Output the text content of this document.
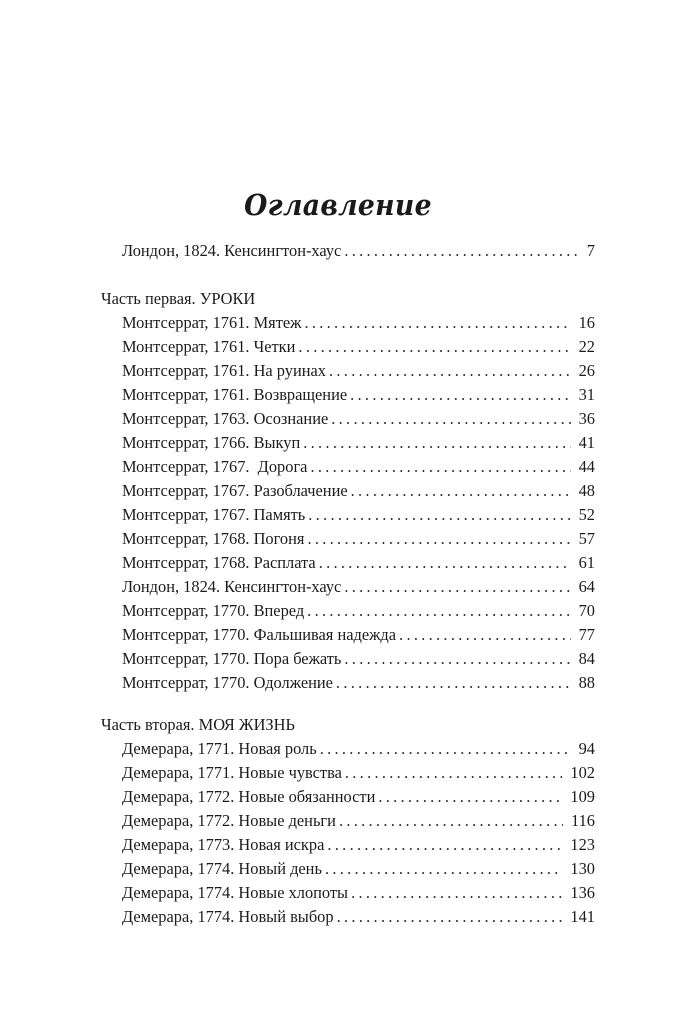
Оглавление
Лондон, 1824. Кенсингтон-хаус .....	7
Часть первая. УРОКИ
Монтсеррат, 1761. Мятеж .....	16
Монтсеррат, 1761. Четки .....	22
Монтсеррат, 1761. На руинах .....	26
Монтсеррат, 1761. Возвращение .....	31
Монтсеррат, 1763. Осознание .....	36
Монтсеррат, 1766. Выкуп .....	41
Монтсеррат, 1767.  Дорога .....	44
Монтсеррат, 1767. Разоблачение .....	48
Монтсеррат, 1767. Память .....	52
Монтсеррат, 1768. Погоня .....	57
Монтсеррат, 1768. Расплата .....	61
Лондон, 1824. Кенсингтон-хаус .....	64
Монтсеррат, 1770. Вперед .....	70
Монтсеррат, 1770. Фальшивая надежда .....	77
Монтсеррат, 1770. Пора бежать .....	84
Монтсеррат, 1770. Одолжение .....	88
Часть вторая. МОЯ ЖИЗНЬ
Демерара, 1771. Новая роль .....	94
Демерара, 1771. Новые чувства .....	102
Демерара, 1772. Новые обязанности .....	109
Демерара, 1772. Новые деньги .....	116
Демерара, 1773. Новая искра .....	123
Демерара, 1774. Новый день .....	130
Демерара, 1774. Новые хлопоты .....	136
Демерара, 1774. Новый выбор .....	141
